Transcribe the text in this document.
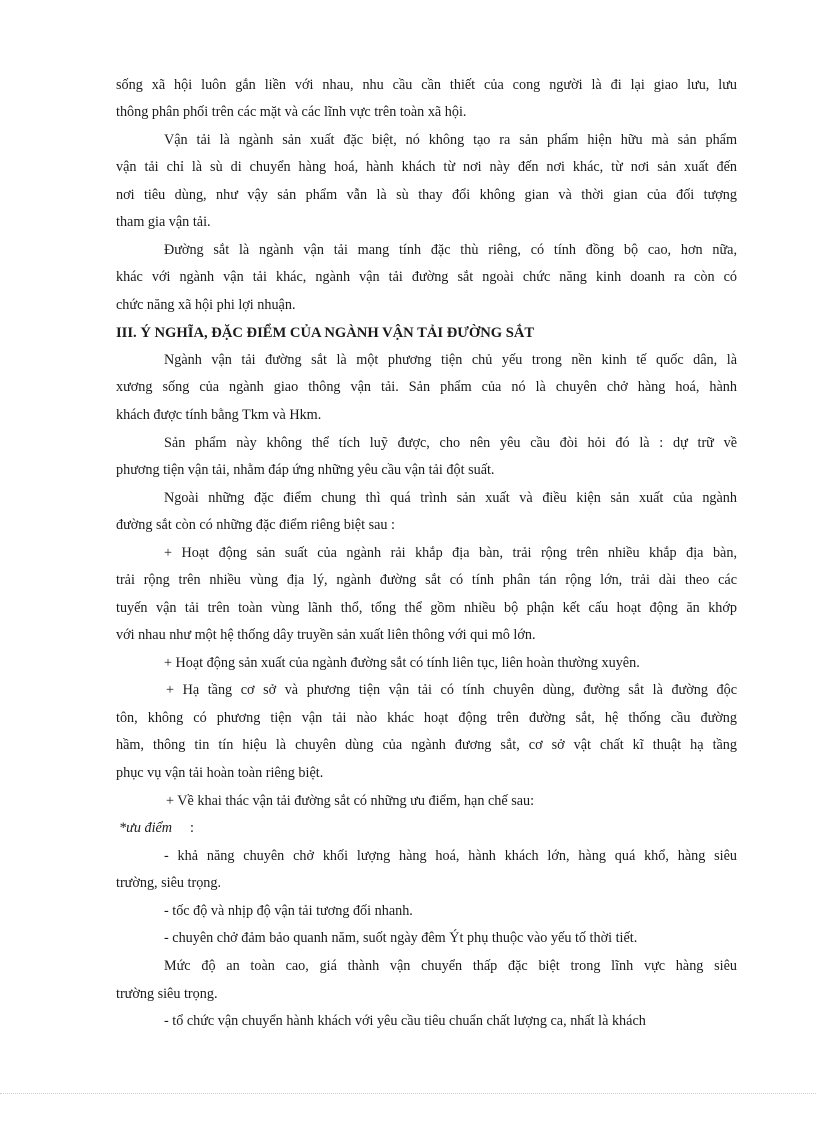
sống xã hội luôn gắn liền với nhau, nhu cầu cần thiết của cong người là đi lại giao lưu, lưu
thông phân phối trên các mặt và các lĩnh vực trên toàn xã hội.
Vận tải là ngành sản xuất đặc biệt, nó không tạo ra sản phẩm hiện hữu mà sản phẩm
vận tải chỉ là sù di chuyển hàng hoá, hành khách từ nơi này đến nơi khác, từ nơi sản xuất đến
nơi tiêu dùng, như vậy sản phẩm vẫn là sù thay đổi không gian và thời gian của đối tượng
tham gia vận tải.
Đường sắt là ngành vận tải mang tính đặc thù riêng, có tính đồng bộ cao, hơn nữa,
khác với ngành vận tải khác, ngành vận tải đường sắt ngoài chức năng kinh doanh ra còn có
chức năng xã hội phi lợi nhuận.
III. Ý NGHĨA, ĐẶC ĐIỂM CỦA NGÀNH VẬN TẢI ĐƯỜNG SẮT
Ngành vận tải đường sắt là một phương tiện chủ yếu trong nền kinh tế quốc dân, là
xương sống của ngành giao thông vận tải. Sản phẩm của nó là chuyên chở hàng hoá, hành
khách được tính bằng Tkm và Hkm.
Sản phẩm này không thể tích luỹ được, cho nên yêu cầu đòi hỏi đó là : dự trữ về
phương tiện vận tải, nhằm đáp ứng những yêu cầu vận tải đột suất.
Ngoài những đặc điểm chung thì quá trình sản xuất và điều kiện sản xuất của ngành
đường sắt còn có những đặc điểm riêng biệt sau :
+ Hoạt động sản suất của ngành rải khắp địa bàn, trải rộng trên nhiều khắp địa bàn,
trải rộng trên nhiều vùng địa lý, ngành đường sắt có tính phân tán rộng lớn, trải dài theo các
tuyến vận tải trên toàn vùng lãnh thổ, tổng thể gồm nhiều bộ phận kết cấu hoạt động ăn khớp
với nhau như một hệ thống dây truyền sản xuất liên thông với qui mô lớn.
+ Hoạt động sản xuất của ngành đường sắt có tính liên tục, liên hoàn thường xuyên.
+ Hạ tầng cơ sở và phương tiện vận tải có tính chuyên dùng, đường sắt là đường độc
tôn, không có phương tiện vận tải nào khác hoạt động trên đường sắt, hệ thống cầu đường
hầm, thông tin tín hiệu là chuyên dùng của ngành đương sắt, cơ sở vật chất kĩ thuật hạ tầng
phục vụ vận tải hoàn toàn riêng biệt.
+ Về khai thác vận tải đường sắt có những ưu điểm, hạn chế sau:
*ưu điểm	:
- khả năng chuyên chở khối lượng hàng hoá, hành khách lớn, hàng quá khổ, hàng siêu
trường, siêu trọng.
- tốc độ và nhịp độ vận tải tương đối nhanh.
- chuyên chở đảm bảo quanh năm, suốt ngày đêm Ýt phụ thuộc vào yếu tố thời tiết.
Mức độ an toàn cao, giá thành vận chuyển thấp đặc biệt trong lĩnh vực hàng siêu
trường siêu trọng.
- tổ chức vận chuyển hành khách với yêu cầu tiêu chuẩn chất lượng ca, nhất là khách
